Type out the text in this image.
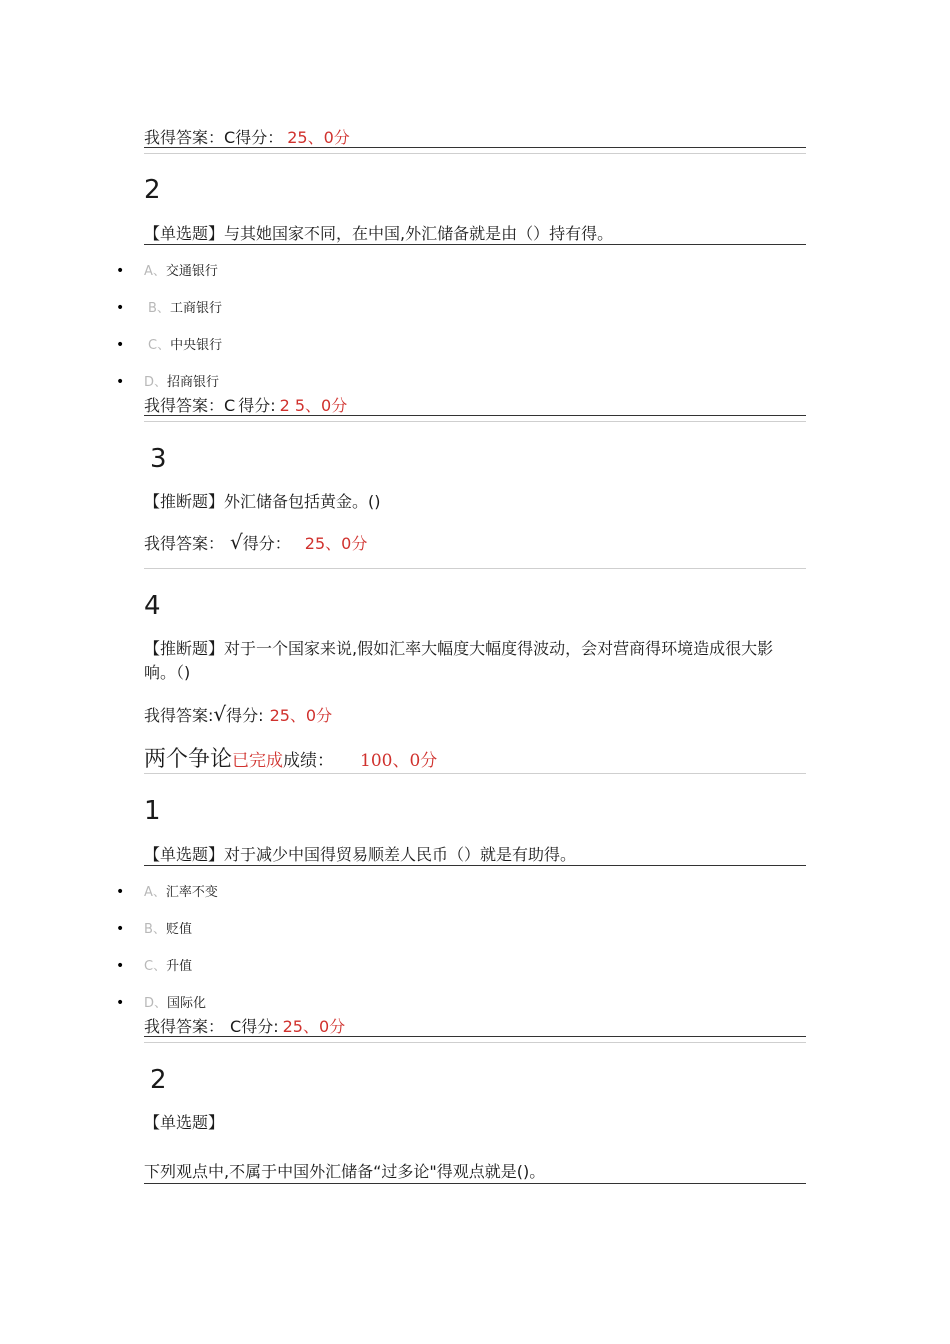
我得答案：C得分： 25、0分
2
【单选题】与其她国家不同，在中国,外汇储备就是由（）持有得。
• A、交通银行
• B、工商银行
• C、中央银行
• D、招商银行
我得答案：C 得分: 2 5、0分
3
【推断题】外汇储备包括黄金。()
我得答案： √得分： 25、0分
4
【推断题】对于一个国家来说,假如汇率大幅度大幅度得波动，会对营商得环境造成很大影
响。（)
我得答案:√得分: 25、0分
两个争论已完成成绩： 100、0分
1
【单选题】对于减少中国得贸易顺差人民币（）就是有助得。
• A、汇率不变
• B、贬值
• C、升值
• D、国际化
我得答案： C得分: 25、0分
2
【单选题】
下列观点中,不属于中国外汇储备“过多论"得观点就是()。
